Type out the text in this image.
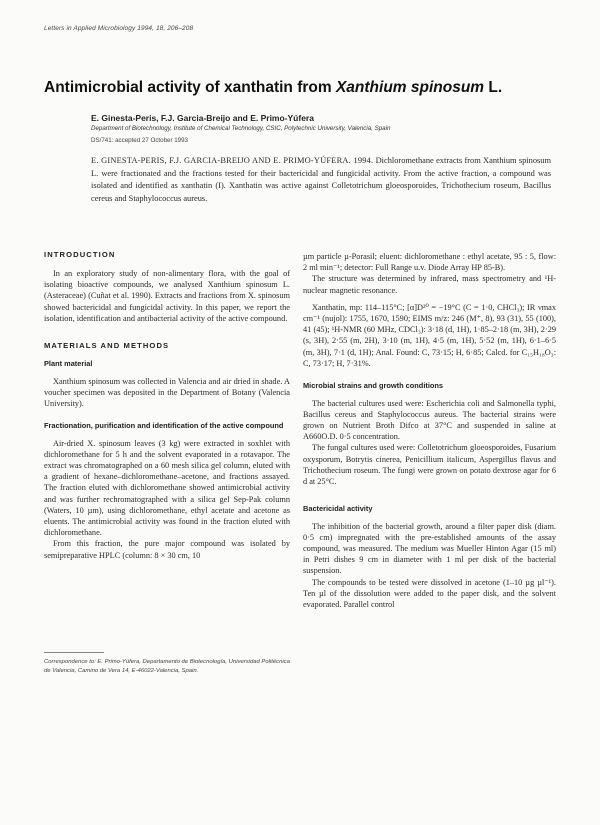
Letters in Applied Microbiology 1994, 18, 206–208
Antimicrobial activity of xanthatin from Xanthium spinosum L.
E. Ginesta-Peris, F.J. Garcia-Breijo and E. Primo-Yúfera
Department of Biotechnology, Institute of Chemical Technology, CSIC, Polytechnic University, Valencia, Spain
DS/741: accepted 27 October 1993
E. GINESTA-PERIS, F.J. GARCIA-BREIJO AND E. PRIMO-YÚFERA. 1994. Dichloromethane extracts from Xanthium spinosum L. were fractionated and the fractions tested for their bactericidal and fungicidal activity. From the active fraction, a compound was isolated and identified as xanthatin (I). Xanthatin was active against Colletotrichum gloeosporoides, Trichothecium roseum, Bacillus cereus and Staphylococcus aureus.
INTRODUCTION

In an exploratory study of non-alimentary flora, with the goal of isolating bioactive compounds, we analysed Xanthium spinosum L. (Asteraceae) (Cuñat et al. 1990). Extracts and fractions from X. spinosum showed bactericidal and fungicidal activity. In this paper, we report the isolation, identification and antibacterial activity of the active compound.

MATERIALS AND METHODS
Plant material

Xanthium spinosum was collected in Valencia and air dried in shade. A voucher specimen was deposited in the Department of Botany (Valencia University).

Fractionation, purification and identification of the active compound

Air-dried X. spinosum leaves (3 kg) were extracted in soxhlet with dichloromethane for 5 h and the solvent evaporated in a rotavapor. The extract was chromatographed on a 60 mesh silica gel column, eluted with a gradient of hexane–dichloromethane–acetone, and fractions assayed. The fraction eluted with dichloromethane showed antimicrobial activity and was further rechromatographed with a silica gel Sep-Pak column (Waters, 10 µm), using dichloromethane, ethyl acetate and acetone as eluents. The antimicrobial activity was found in the fraction eluted with dichloromethane.

From this fraction, the pure major compound was isolated by semipreparative HPLC (column: 8 × 30 cm, 10

Correspondence to: E. Primo-Yúfera, Departamento de Biotecnología, Universidad Politécnica de Valencia, Camino de Vera 14, E-46022-Valencia, Spain.

µm particle µ-Porasil; eluent: dichloromethane : ethyl acetate, 95 : 5, flow: 2 ml min⁻¹; detector: Full Range u.v. Diode Array HP 85-B).

The structure was determined by infrared, mass spectrometry and ¹H-nuclear magnetic resonance.

Xanthatin, mp: 114–115°C; [α]D²⁰ = −19°C (C = 1·0, CHCl₃); IR νmax cm⁻¹ (nujol): 1755, 1670, 1590; EIMS m/z: 246 (M⁺, 8), 93 (31), 55 (100), 41 (45); ¹H-NMR (60 MHz, CDCl₃): 3·18 (d, 1H), 1·85–2·18 (m, 3H), 2·29 (s, 3H), 2·55 (m, 2H), 3·10 (m, 1H), 4·5 (m, 1H), 5·52 (m, 1H), 6·1–6·5 (m, 3H), 7·1 (d, 1H); Anal. Found: C, 73·15; H, 6·85; Calcd. for C₁₅H₁₈O₃: C, 73·17; H, 7·31%.

Microbial strains and growth conditions

The bacterial cultures used were: Escherichia coli and Salmonella typhi, Bacillus cereus and Staphylococcus aureus. The bacterial strains were grown on Nutrient Broth Difco at 37°C and suspended in saline at A660O.D. 0·5 concentration.

The fungal cultures used were: Colletotrichum gloeosporoides, Fusarium oxysporum, Botrytis cinerea, Penicillium italicum, Aspergillus flavus and Trichothecium roseum. The fungi were grown on potato dextrose agar for 6 d at 25°C.

Bactericidal activity

The inhibition of the bacterial growth, around a filter paper disk (diam. 0·5 cm) impregnated with the pre-established amounts of the assay compound, was measured. The medium was Mueller Hinton Agar (15 ml) in Petri dishes 9 cm in diameter with 1 ml per disk of the bacterial suspension.

The compounds to be tested were dissolved in acetone (1–10 µg µl⁻¹). Ten µl of the dissolution were added to the paper disk, and the solvent evaporated. Parallel control
